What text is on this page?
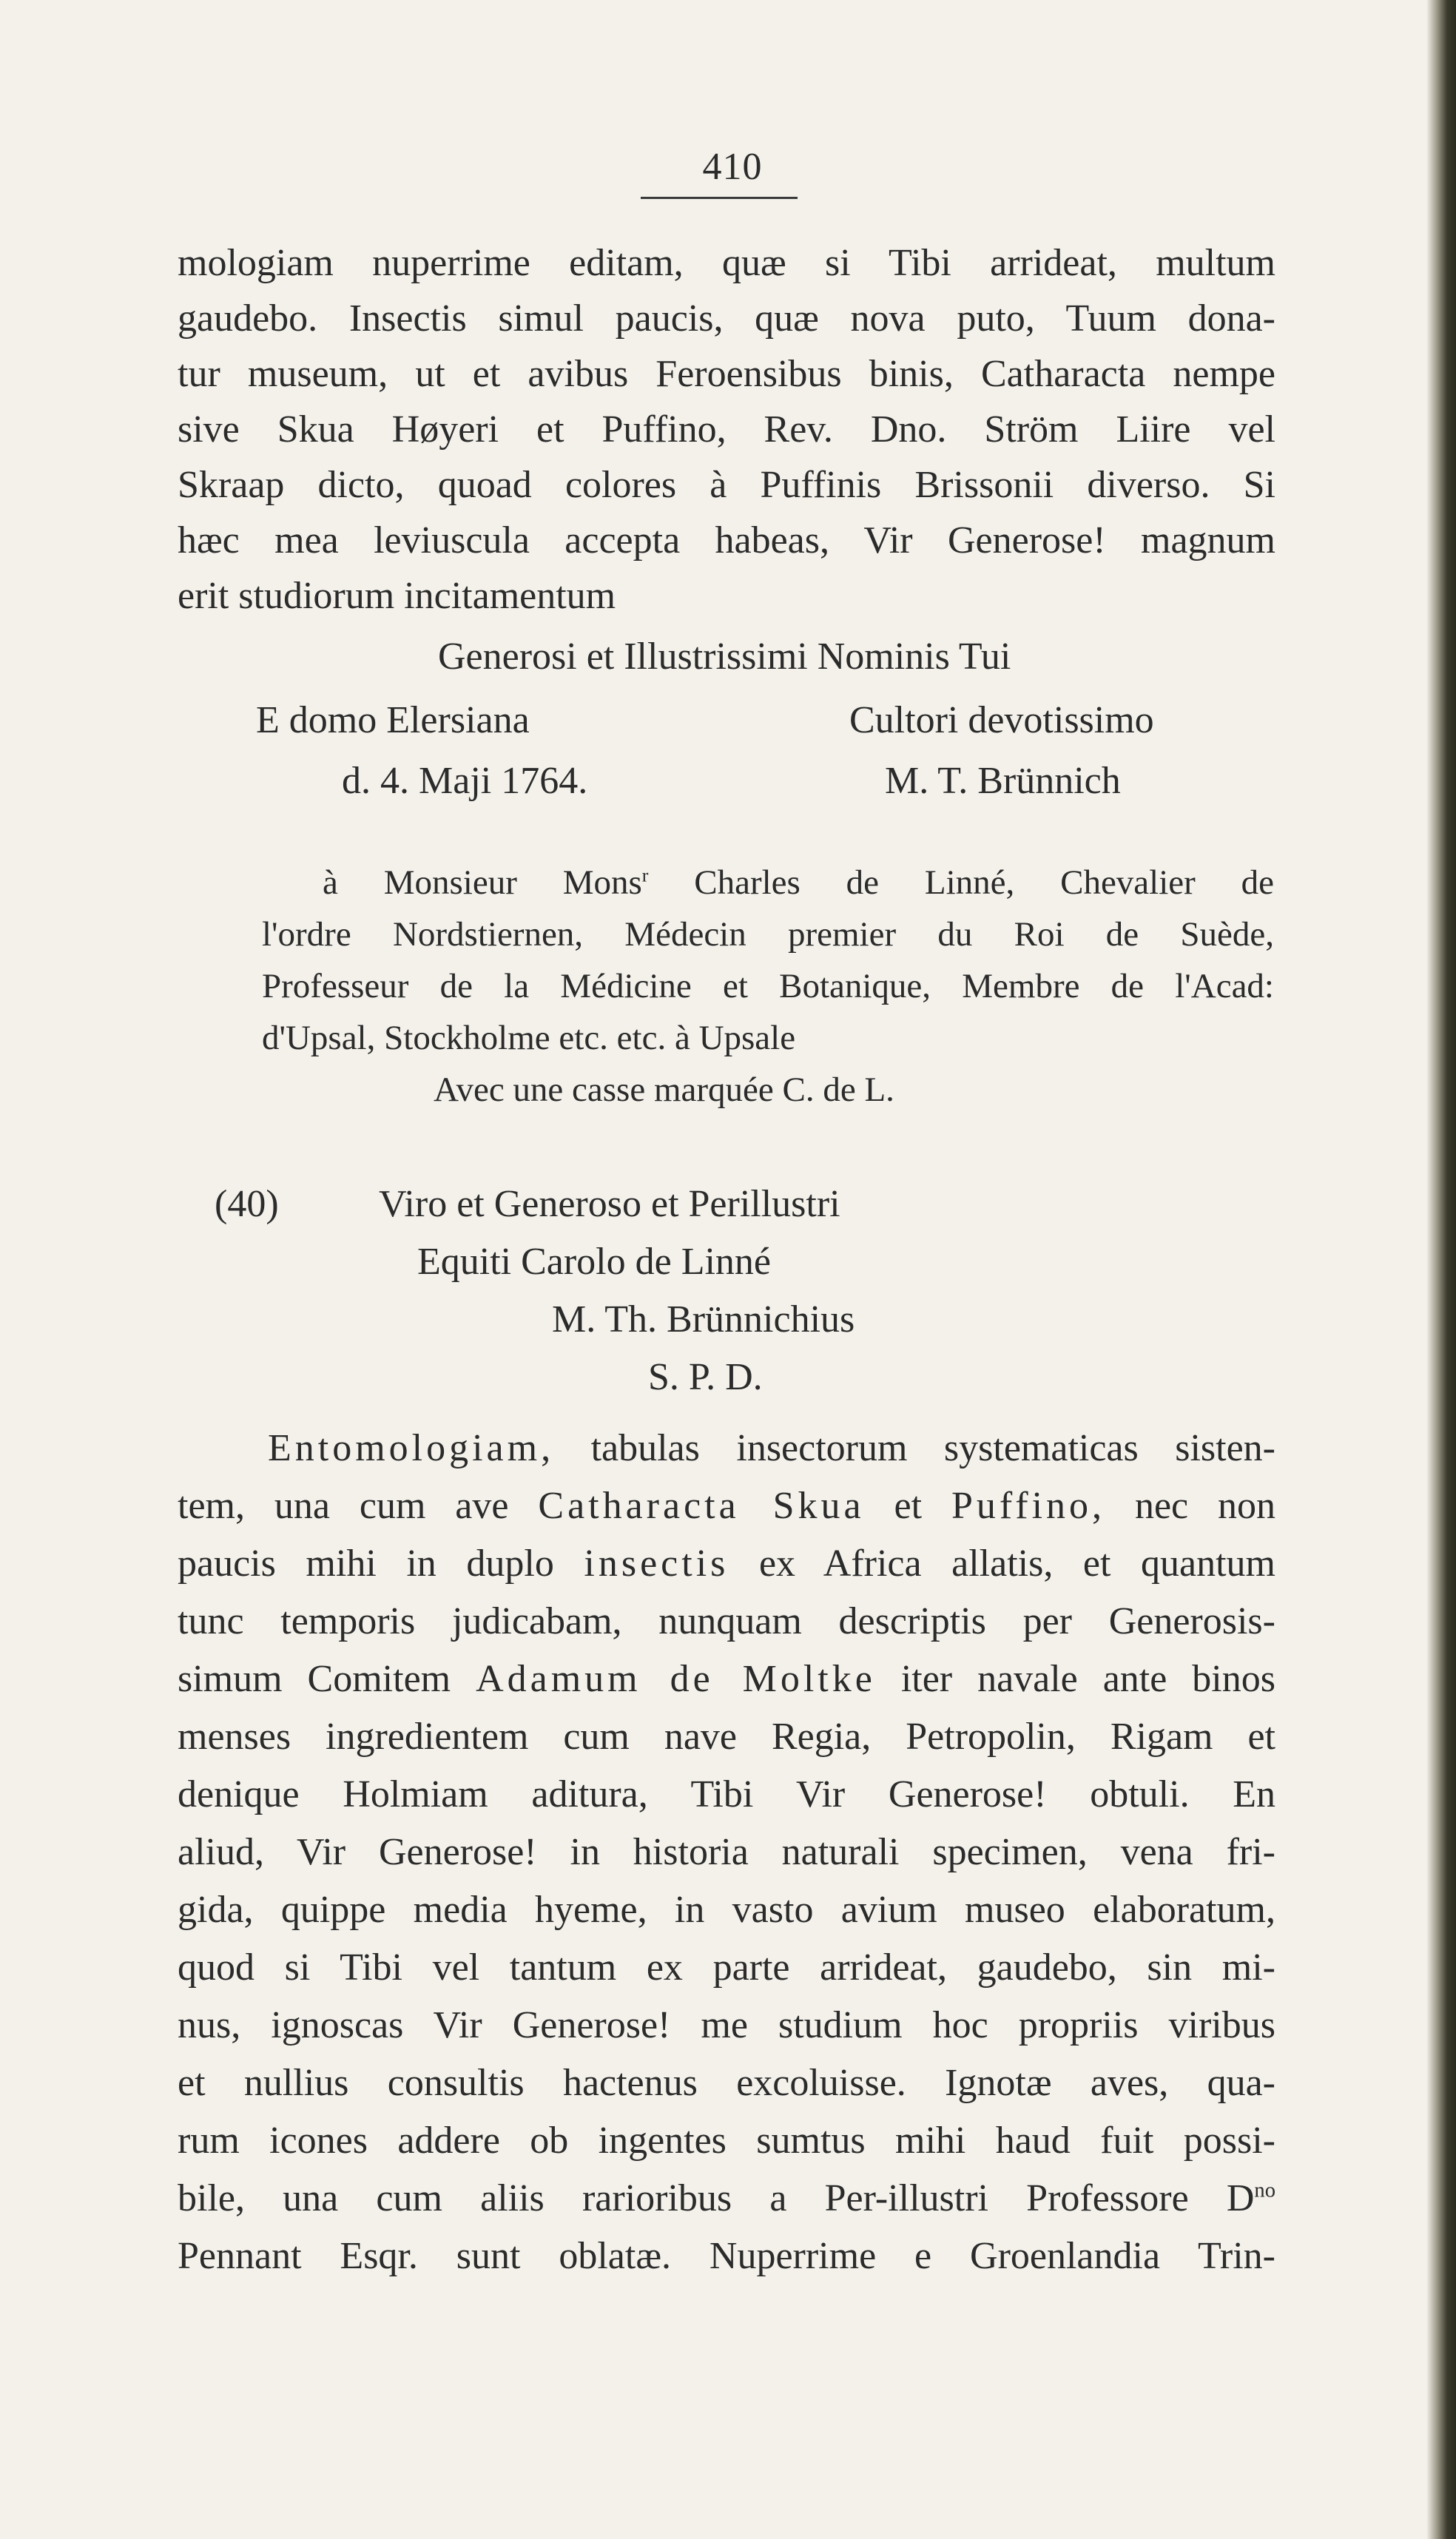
410
mologiam nuperrime editam, quæ si Tibi arrideat, multum
gaudebo. Insectis simul paucis, quæ nova puto, Tuum dona-
tur museum, ut et avibus Feroensibus binis, Catharacta nempe
sive Skua Høyeri et Puffino, Rev. Dno. Ström Liire vel
Skraap dicto, quoad colores à Puffinis Brissonii diverso. Si
hæc mea leviuscula accepta habeas, Vir Generose! magnum
erit studiorum incitamentum
Generosi et Illustrissimi Nominis Tui
E domo Elersiana	Cultori devotissimo
d. 4. Maji 1764.	M. T. Brünnich
à Monsieur Mons$^r$ Charles de Linné, Chevalier de
l'ordre Nordstiernen, Médecin premier du Roi de Suède,
Professeur de la Médicine et Botanique, Membre de l'Acad:
d'Upsal, Stockholme etc. etc. à Upsale
Avec une casse marquée C. de L.
(40)	Viro et Generoso et Perillustri
Equiti Carolo de Linné
M. Th. Brünnichius
S. P. D.
Entomologiam, tabulas insectorum systematicas sisten-
tem, una cum ave Catharacta Skua et Puffino, nec non
paucis mihi in duplo insectis ex Africa allatis, et quantum
tunc temporis judicabam, nunquam descriptis per Generosis-
simum Comitem Adamum de Moltke iter navale ante binos
menses ingredientem cum nave Regia, Petropolin, Rigam et
denique Holmiam aditura, Tibi Vir Generose! obtuli. En
aliud, Vir Generose! in historia naturali specimen, vena fri-
gida, quippe media hyeme, in vasto avium museo elaboratum,
quod si Tibi vel tantum ex parte arrideat, gaudebo, sin mi-
nus, ignoscas Vir Generose! me studium hoc propriis viribus
et nullius consultis hactenus excoluisse. Ignotæ aves, qua-
rum icones addere ob ingentes sumtus mihi haud fuit possi-
bile, una cum aliis rarioribus a Per-illustri Professore $D^{no}$
Pennant Esqr. sunt oblatæ. Nuperrime e Groenlandia Trin-
